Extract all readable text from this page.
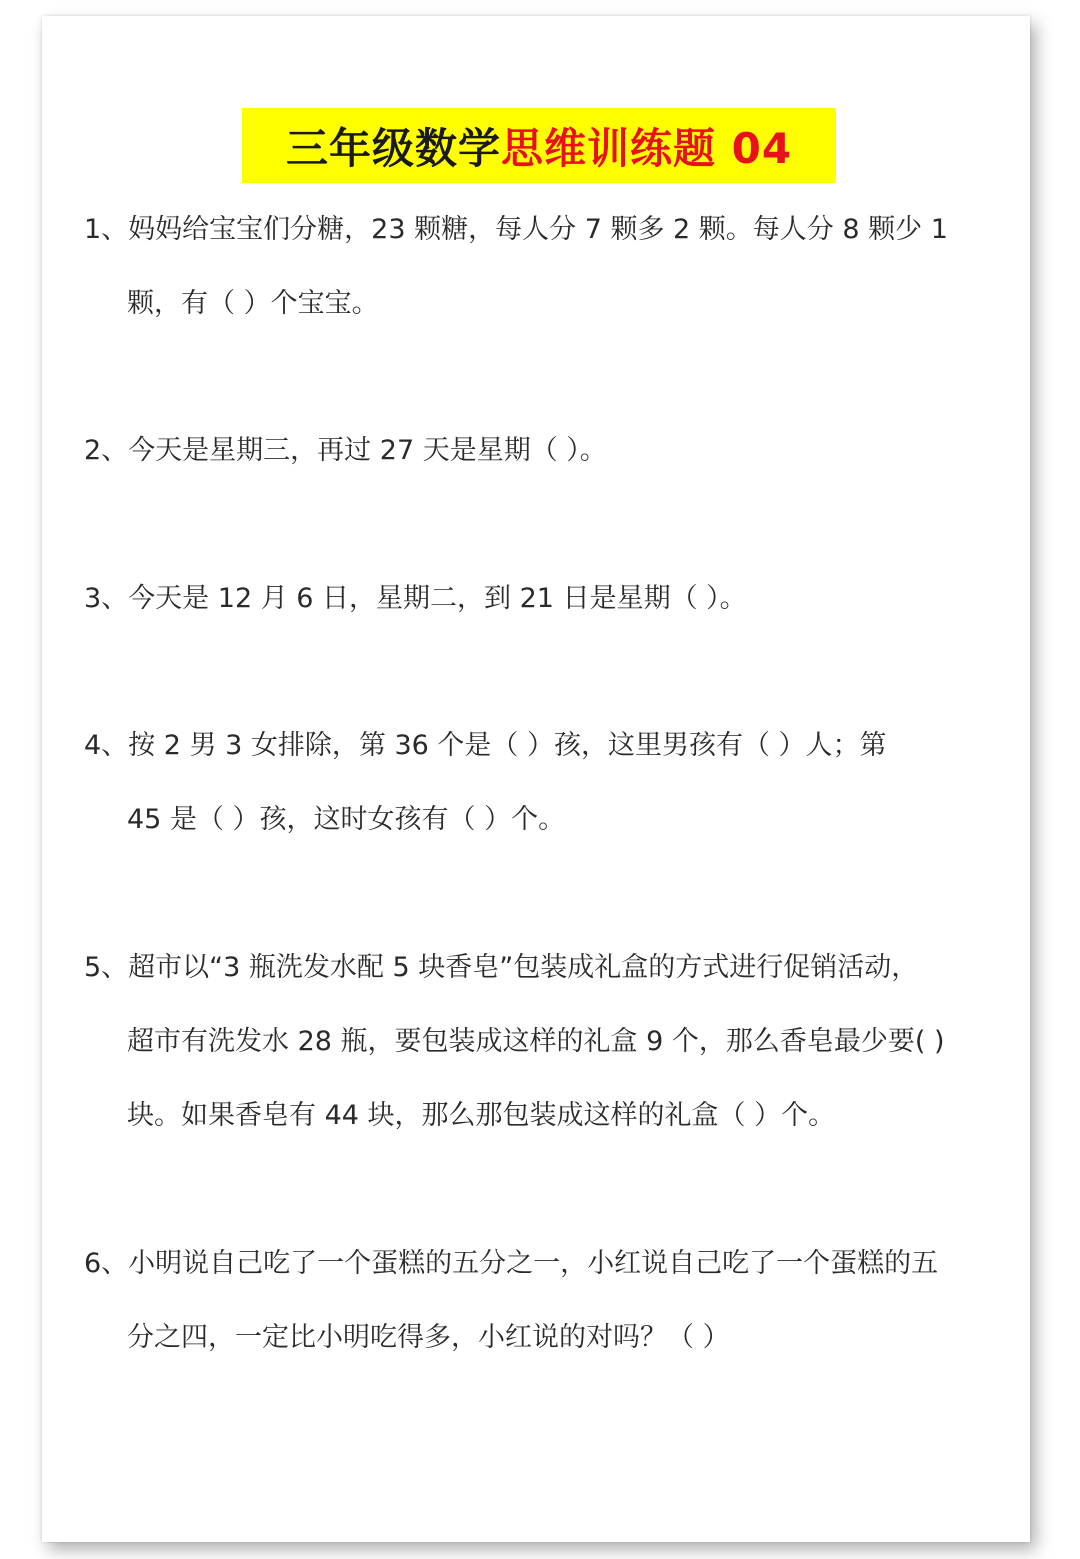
三年级数学 思维训练题 04
1、妈妈给宝宝们分糖，23 颗糖，每人分 7 颗多 2 颗。每人分 8 颗少 1
颗，有（ ）个宝宝。
2、今天是星期三，再过 27 天是星期（ ）。
3、今天是 12 月 6 日，星期二，到 21 日是星期（ ）。
4、按 2 男 3 女排除，第 36 个是（ ）孩，这里男孩有（ ）人；第
45 是（ ）孩，这时女孩有（ ）个。
5、超市以“3 瓶洗发水配 5 块香皂”包装成礼盒的方式进行促销活动，
超市有洗发水 28 瓶，要包装成这样的礼盒 9 个，那么香皂最少要( )
块。如果香皂有 44 块，那么那包装成这样的礼盒（ ）个。
6、小明说自己吃了一个蛋糕的五分之一，小红说自己吃了一个蛋糕的五
分之四，一定比小明吃得多，小红说的对吗？（ ）
